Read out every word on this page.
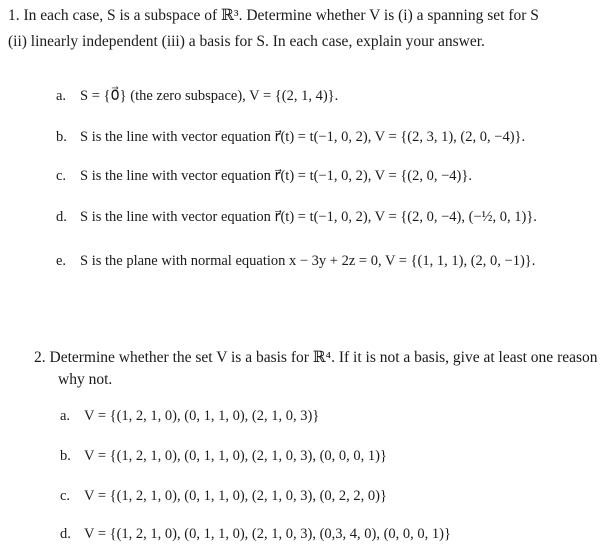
1. In each case, S is a subspace of ℝ³. Determine whether V is (i) a spanning set for S
(ii) linearly independent (iii) a basis for S. In each case, explain your answer.
a. S = {0⃗} (the zero subspace), V = {(2, 1, 4)}.
b. S is the line with vector equation r⃗(t) = t(−1, 0, 2), V = {(2, 3, 1), (2, 0, −4)}.
c. S is the line with vector equation r⃗(t) = t(−1, 0, 2), V = {(2, 0, −4)}.
d. S is the line with vector equation r⃗(t) = t(−1, 0, 2), V = {(2, 0, −4), (−½, 0, 1)}.
e. S is the plane with normal equation x − 3y + 2z = 0, V = {(1, 1, 1), (2, 0, −1)}.
2. Determine whether the set V is a basis for ℝ⁴. If it is not a basis, give at least one reason
why not.
a. V = {(1, 2, 1, 0), (0, 1, 1, 0), (2, 1, 0, 3)}
b. V = {(1, 2, 1, 0), (0, 1, 1, 0), (2, 1, 0, 3), (0, 0, 0, 1)}
c. V = {(1, 2, 1, 0), (0, 1, 1, 0), (2, 1, 0, 3), (0, 2, 2, 0)}
d. V = {(1, 2, 1, 0), (0, 1, 1, 0), (2, 1, 0, 3), (0,3, 4, 0), (0, 0, 0, 1)}
